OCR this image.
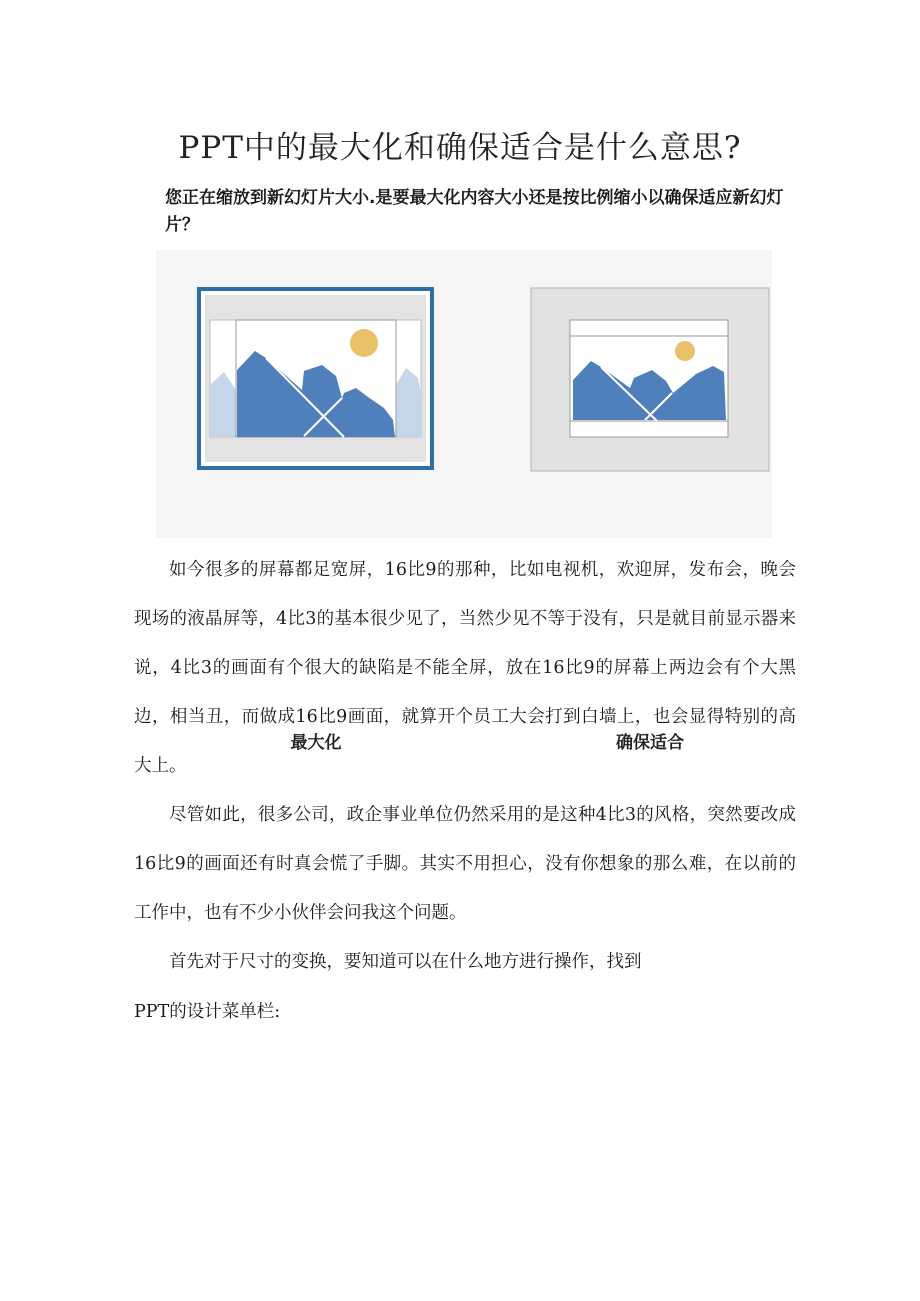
PPT中的最大化和确保适合是什么意思?

您正在缩放到新幻灯片大小.是要最大化内容大小还是按比例缩小以确保适应新幻灯片？

最大化	确保适合

如今很多的屏幕都足宽屏，16比9的那种，比如电视机，欢迎屏，发布会，晚会现场的液晶屏等，4比3的基本很少见了，当然少见不等于没有，只是就目前显示器来说，4比3的画面有个很大的缺陷是不能全屏，放在16比9的屏幕上两边会有个大黑边，相当丑，而做成16比9画面，就算开个员工大会打到白墙上，也会显得特别的高大上。

尽管如此，很多公司，政企事业单位仍然采用的是这种4比3的风格，突然要改成16比9的画面还有时真会慌了手脚。其实不用担心，没有你想象的那么难，在以前的工作中，也有不少小伙伴会问我这个问题。

首先对于尺寸的变换，要知道可以在什么地方进行操作，找到

PPT的设计菜单栏:
